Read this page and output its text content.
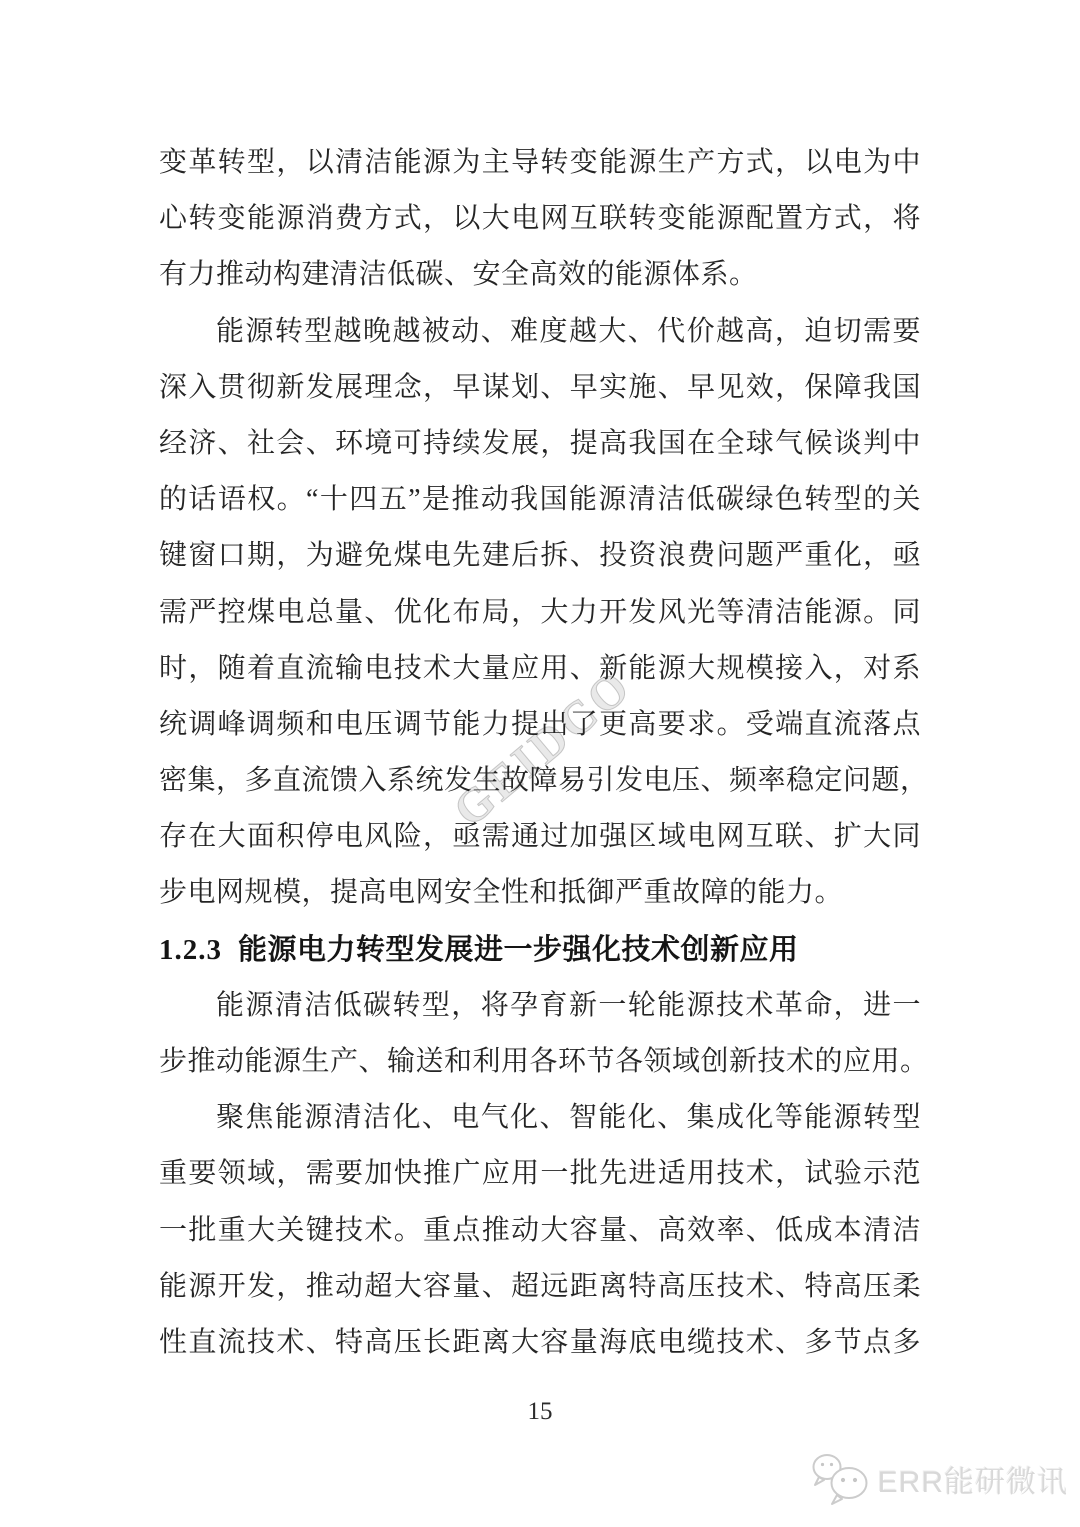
GEIDCO
变革转型，以清洁能源为主导转变能源生产方式，以电为中
心转变能源消费方式，以大电网互联转变能源配置方式，将
有力推动构建清洁低碳、安全高效的能源体系。
能源转型越晚越被动、难度越大、代价越高，迫切需要
深入贯彻新发展理念，早谋划、早实施、早见效，保障我国
经济、社会、环境可持续发展，提高我国在全球气候谈判中
的话语权。“十四五”是推动我国能源清洁低碳绿色转型的关
键窗口期，为避免煤电先建后拆、投资浪费问题严重化，亟
需严控煤电总量、优化布局，大力开发风光等清洁能源。同
时，随着直流输电技术大量应用、新能源大规模接入，对系
统调峰调频和电压调节能力提出了更高要求。受端直流落点
密集，多直流馈入系统发生故障易引发电压、频率稳定问题，
存在大面积停电风险，亟需通过加强区域电网互联、扩大同
步电网规模，提高电网安全性和抵御严重故障的能力。
1.2.3 能源电力转型发展进一步强化技术创新应用
能源清洁低碳转型，将孕育新一轮能源技术革命，进一
步推动能源生产、输送和利用各环节各领域创新技术的应用。
聚焦能源清洁化、电气化、智能化、集成化等能源转型
重要领域，需要加快推广应用一批先进适用技术，试验示范
一批重大关键技术。重点推动大容量、高效率、低成本清洁
能源开发，推动超大容量、超远距离特高压技术、特高压柔
性直流技术、特高压长距离大容量海底电缆技术、多节点多
15
ERR能研微讯
